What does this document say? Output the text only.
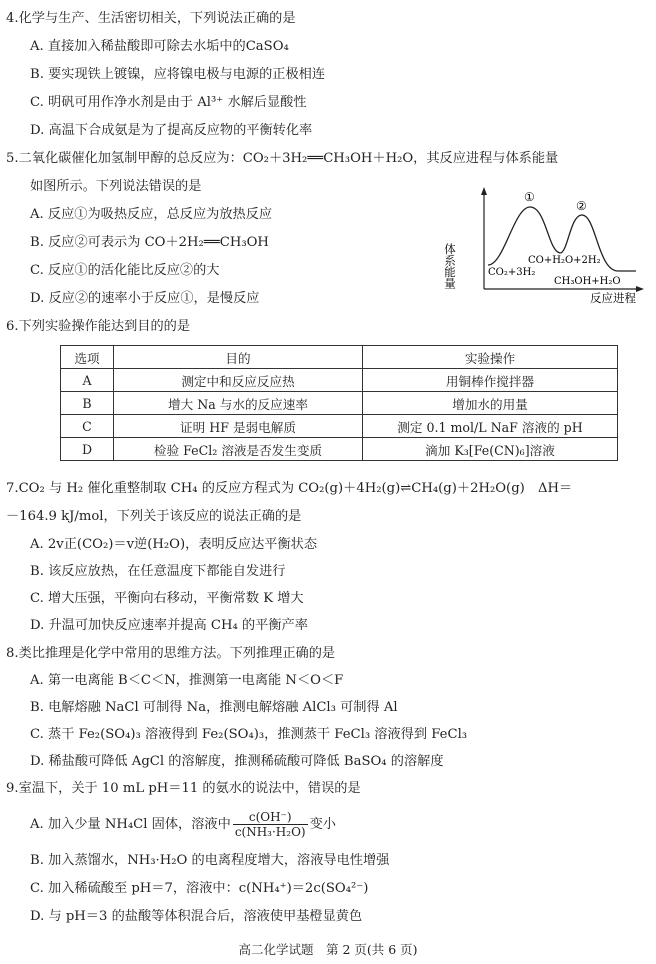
4.化学与生产、生活密切相关，下列说法正确的是
A. 直接加入稀盐酸即可除去水垢中的CaSO₄
B. 要实现铁上镀镍，应将镍电极与电源的正极相连
C. 明矾可用作净水剂是由于 Al³⁺ 水解后显酸性
D. 高温下合成氨是为了提高反应物的平衡转化率
5.二氧化碳催化加氢制甲醇的总反应为：CO₂＋3H₂══CH₃OH＋H₂O，其反应进程与体系能量
如图所示。下列说法错误的是
A. 反应①为吸热反应，总反应为放热反应
B. 反应②可表示为 CO＋2H₂══CH₃OH
C. 反应①的活化能比反应②的大
D. 反应②的速率小于反应①，是慢反应
体系能量
反应进程
①
②
CO₂+3H₂
CO+H₂O+2H₂
CH₃OH+H₂O
6.下列实验操作能达到目的的是
选项	目的	实验操作
A	测定中和反应反应热	用铜棒作搅拌器
B	增大 Na 与水的反应速率	增加水的用量
C	证明 HF 是弱电解质	测定 0.1 mol/L NaF 溶液的 pH
D	检验 FeCl₂ 溶液是否发生变质	滴加 K₃[Fe(CN)₆]溶液
7.CO₂ 与 H₂ 催化重整制取 CH₄ 的反应方程式为 CO₂(g)＋4H₂(g)⇌CH₄(g)＋2H₂O(g)　ΔH＝
－164.9 kJ/mol，下列关于该反应的说法正确的是
A. 2v正(CO₂)＝v逆(H₂O)，表明反应达平衡状态
B. 该反应放热，在任意温度下都能自发进行
C. 增大压强，平衡向右移动，平衡常数 K 增大
D. 升温可加快反应速率并提高 CH₄ 的平衡产率
8.类比推理是化学中常用的思维方法。下列推理正确的是
A. 第一电离能 B＜C＜N，推测第一电离能 N＜O＜F
B. 电解熔融 NaCl 可制得 Na，推测电解熔融 AlCl₃ 可制得 Al
C. 蒸干 Fe₂(SO₄)₃ 溶液得到 Fe₂(SO₄)₃，推测蒸干 FeCl₃ 溶液得到 FeCl₃
D. 稀盐酸可降低 AgCl 的溶解度，推测稀硫酸可降低 BaSO₄ 的溶解度
9.室温下，关于 10 mL pH＝11 的氨水的说法中，错误的是
A. 加入少量 NH₄Cl 固体，溶液中 $\frac{c(OH^-)}{\text{c(NH₃·H₂O)}}$ 变小
B. 加入蒸馏水，NH₃·H₂O 的电离程度增大，溶液导电性增强
C. 加入稀硫酸至 pH＝7，溶液中：c(NH₄⁺)＝2c(SO₄²⁻)
D. 与 pH＝3 的盐酸等体积混合后，溶液使甲基橙显黄色
高二化学试题　第 2 页(共 6 页)
